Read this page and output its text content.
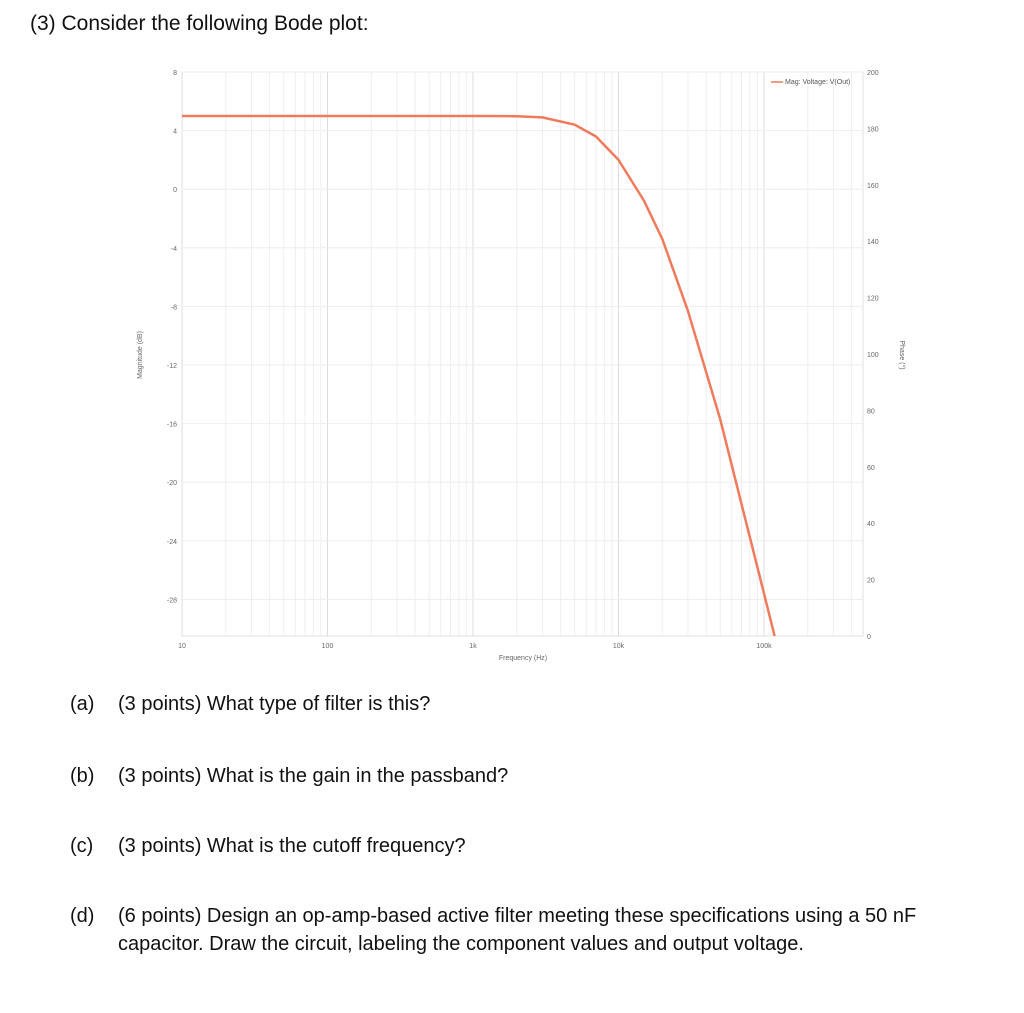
(3) Consider the following Bode plot:
10	100	1k	10k	100k
8
4
0
-4
-8
-12
-16
-20
-24
-28
200
180
160
140
120
100
80
60
40
20
0
Mag: Voltage: V(Out)
Frequency (Hz)
Magnitude (dB)	Phase (°)
(a) (3 points) What type of filter is this?
(b) (3 points) What is the gain in the passband?
(c) (3 points) What is the cutoff frequency?
(d) (6 points) Design an op-amp-based active filter meeting these specifications using a 50 nF
capacitor. Draw the circuit, labeling the component values and output voltage.
